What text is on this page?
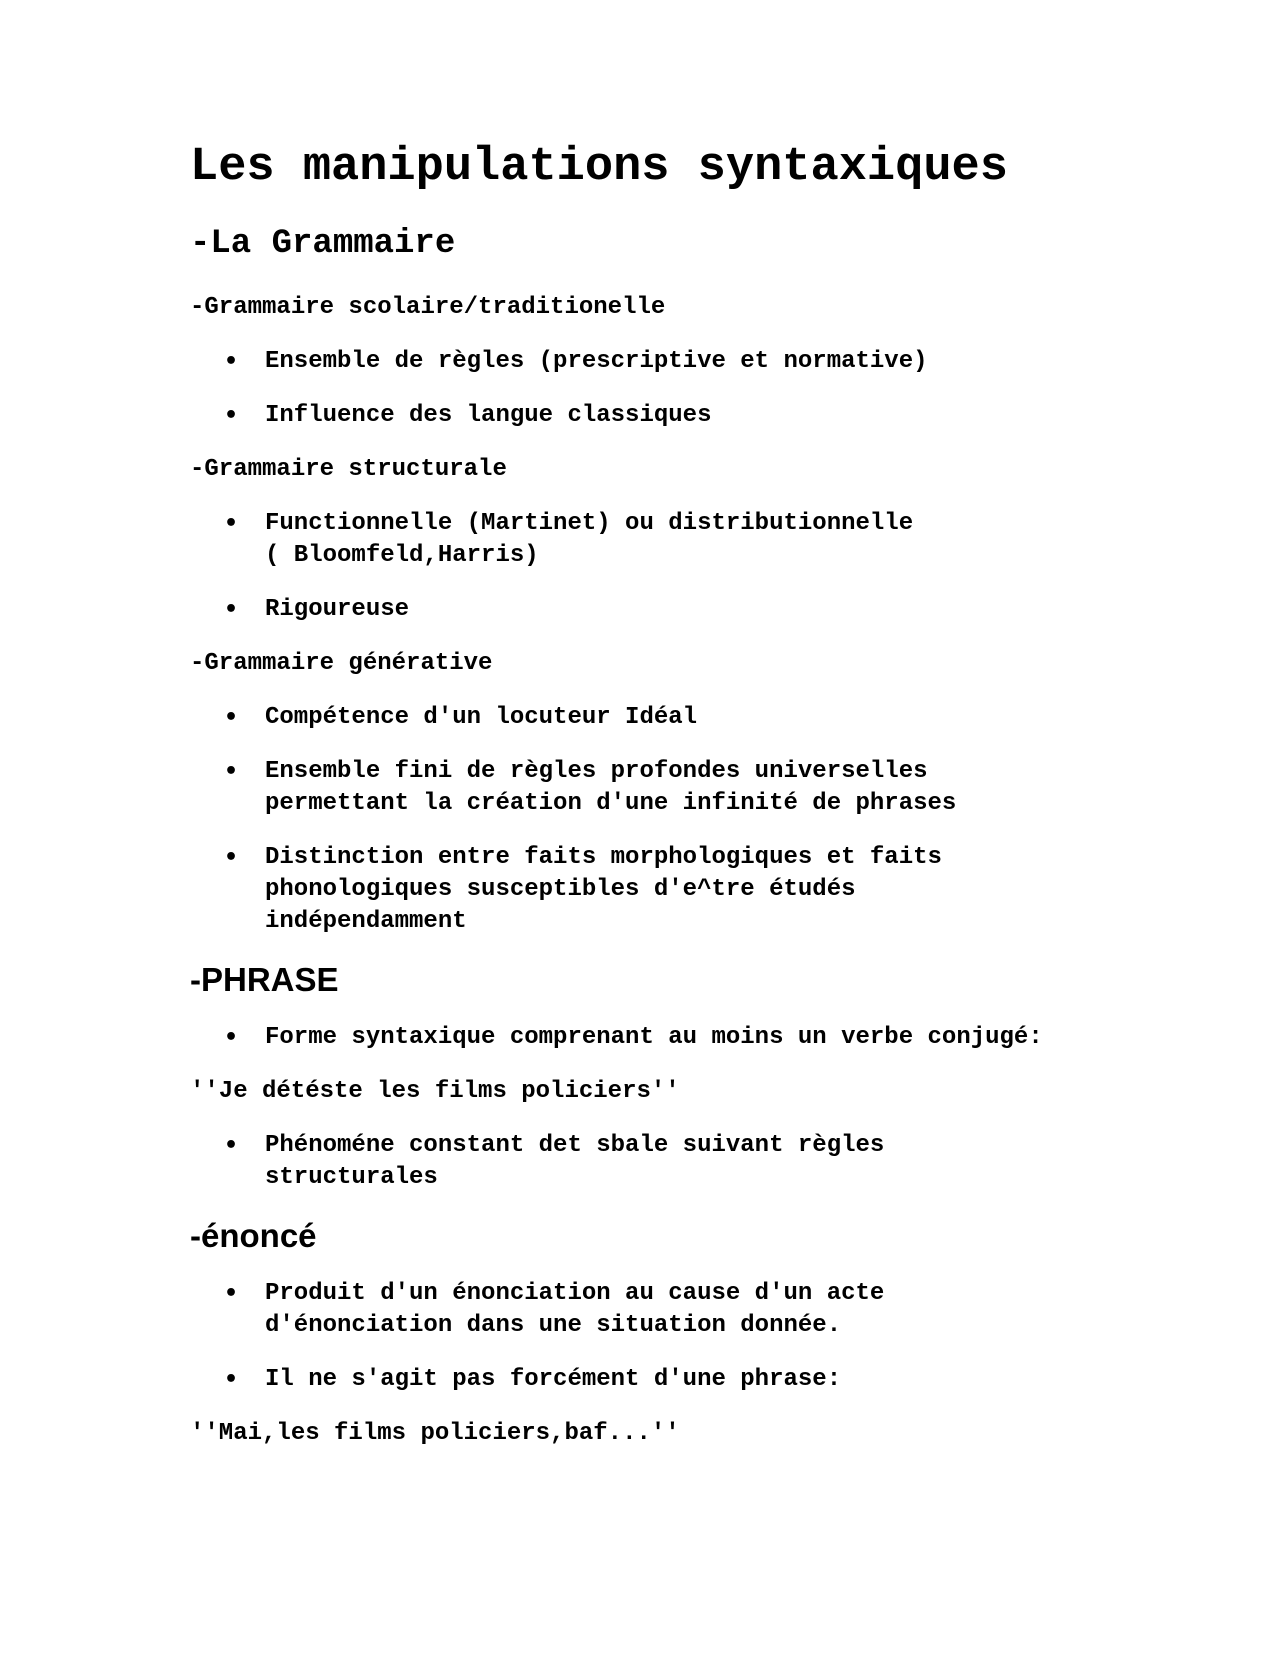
Les manipulations syntaxiques
-La Grammaire

-Grammaire scolaire/traditionelle

• Ensemble de règles (prescriptive et normative)
• Influence des langue classiques

-Grammaire structurale

• Functionnelle (Martinet) ou distributionnelle
( Bloomfeld,Harris)
• Rigoureuse

-Grammaire générative

• Compétence d'un locuteur Idéal
• Ensemble fini de règles profondes universelles
permettant la création d'une infinité de phrases
• Distinction entre faits morphologiques et faits
phonologiques susceptibles d'e^tre étudés
indépendamment
-PHRASE
• Forme syntaxique comprenant au moins un verbe conjugé:

''Je détéste les films policiers''

• Phénoméne constant det sbale suivant règles
structurales
-énoncé
• Produit d'un énonciation au cause d'un acte
d'énonciation dans une situation donnée.
• Il ne s'agit pas forcément d'une phrase:

''Mai,les films policiers,baf...''
